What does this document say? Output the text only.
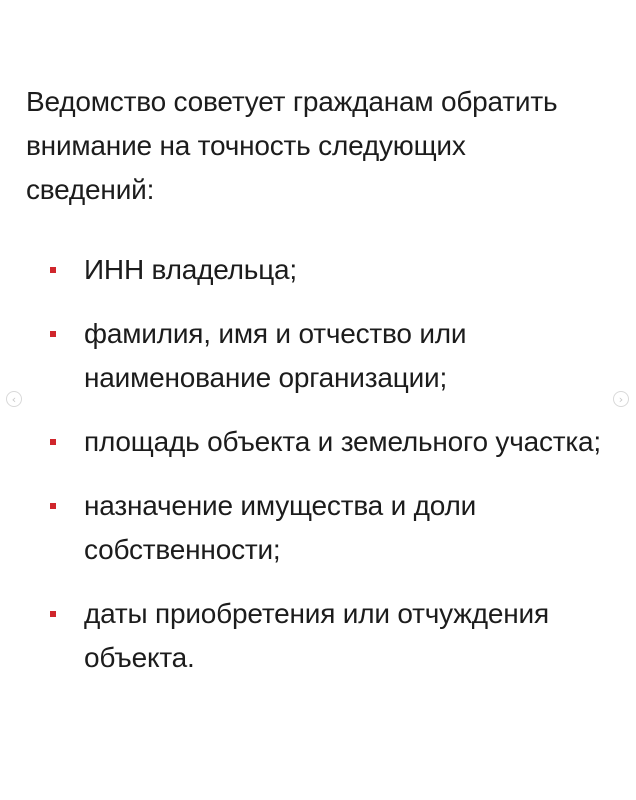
Ведомство советует гражданам обратить внимание на точность следующих сведений:

ИНН владельца;
фамилия, имя и отчество или наименование организации;
площадь объекта и земельного участка;
назначение имущества и доли собственности;
даты приобретения или отчуждения объекта.
‹	›
